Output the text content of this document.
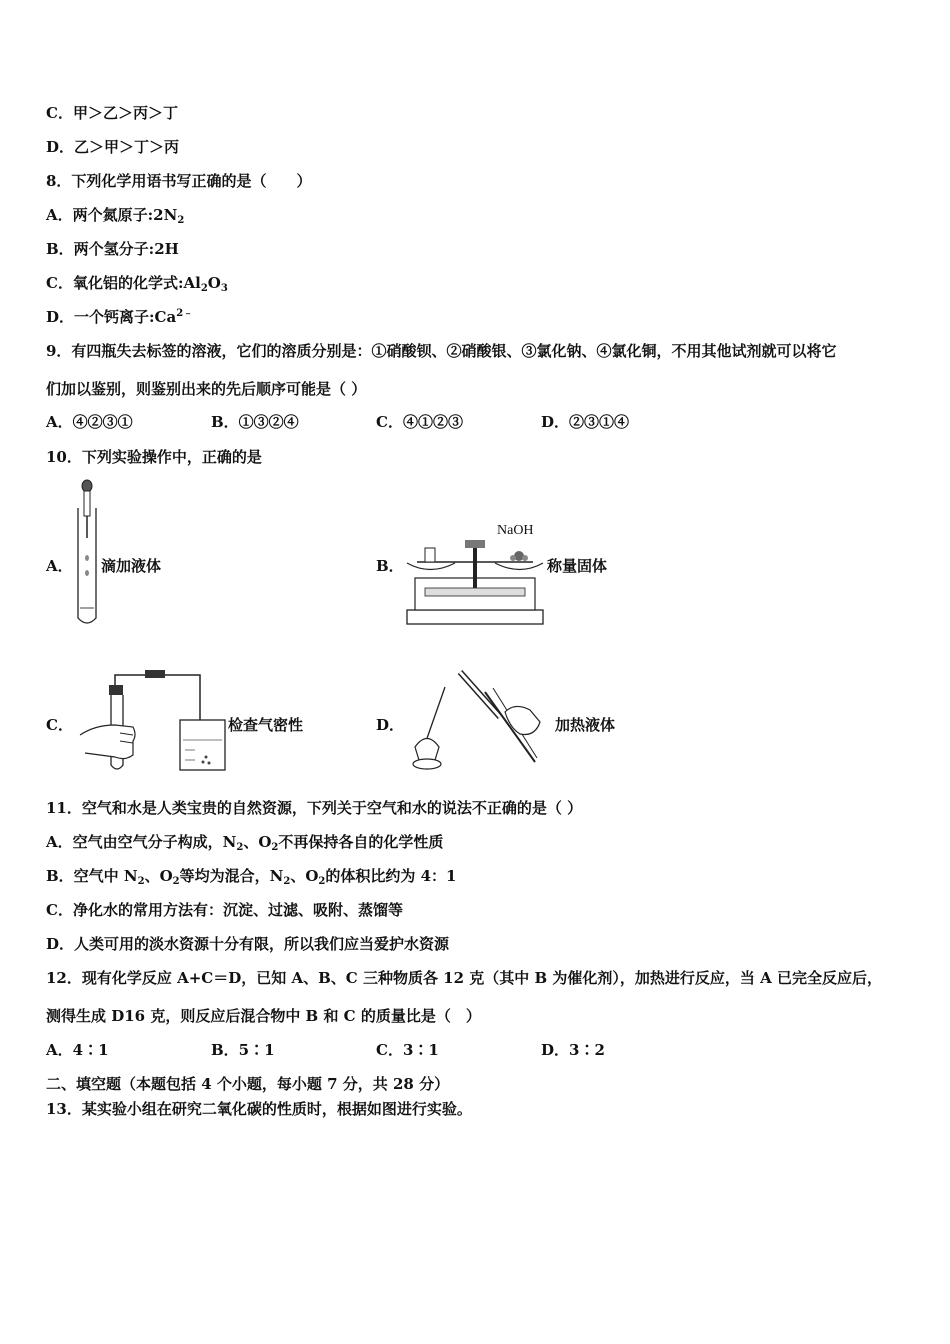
C．甲＞乙＞丙＞丁
D．乙＞甲＞丁＞丙
8．下列化学用语书写正确的是（　　）
A．两个氮原子$:2N_2$
B．两个氢分子:2H
C．氧化铝的化学式$:Al_2O_3$
D．一个钙离子$:Ca^{2﹣}$
9．有四瓶失去标签的溶液，它们的溶质分别是：①硝酸钡、②硝酸银、③氯化钠、④氯化铜，不用其他试剂就可以将它
们加以鉴别，则鉴别出来的先后顺序可能是（ ）
A．④②③①	B．①③②④	C．④①②③	D．②③①④
10．下列实验操作中，正确的是
A． 滴加液体	B．
NaOH
称量固体
C．	检查气密性	D．	加热液体
11．空气和水是人类宝贵的自然资源，下列关于空气和水的说法不正确的是（ ）
A．空气由空气分子构成，$N_2$、$O_2$不再保持各自的化学性质
B．空气中 $N_2$、$O_2$等均为混合，$N_2$、$O_2$的体积比约为 4：1
C．净化水的常用方法有：沉淀、过滤、吸附、蒸馏等
D．人类可用的淡水资源十分有限，所以我们应当爱护水资源
12．现有化学反应 A+C＝D，已知 A、B、C 三种物质各 12 克（其中 B 为催化剂），加热进行反应，当 A 已完全反应后，
测得生成 D16 克，则反应后混合物中 B 和 C 的质量比是（　）
A．4∶1	B．5∶1	C．3∶1	D．3∶2
二、填空题（本题包括 4 个小题，每小题 7 分，共 28 分）
13．某实验小组在研究二氧化碳的性质时，根据如图进行实验。
